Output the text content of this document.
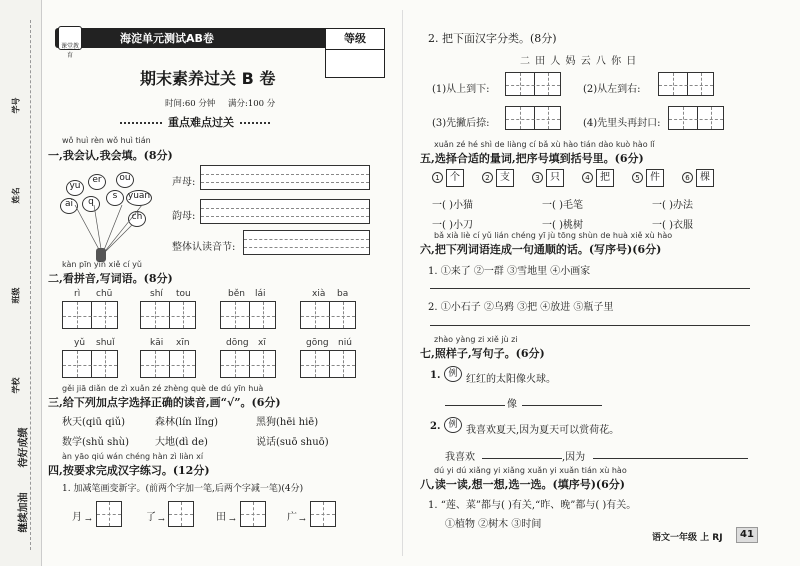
学号
姓名
班级
学校
待好成绩
继续加油
课堂教育
海淀单元测试AB卷	等级
期末素养过关 B 卷
时间:60 分钟 满分:100 分
重点难点过关
wǒ huì rèn wǒ huì tián
一,我会认,我会填。(8分)
yu
er	ou
ai	q
s	yuan
ch
声母:
韵母:
整体认读音节:
kàn pīn yīn xiě cí yǔ
二,看拼音,写词语。(8分)
rì chū	shí tou	běn lái	xià ba
yǔ shuǐ	kāi xīn	dōng xī	gōng niú
gěi jiā diǎn de zì xuǎn zé zhèng què de dú yīn huà
三,给下列加点字选择正确的读音,画“√”。(6分)
秋天(qiū qiǔ)	森林(lín lǐng)	黑狗(hēi hiē)
数学(shǔ shù)	大地(dì de)	说话(suō shuō)
àn yāo qiú wán chéng hàn zì liàn xí
四,按要求完成汉字练习。(12分)
1. 加减笔画变新字。(前两个字加一笔,后两个字减一笔)(4分)
月 →	了 →	田 →	广 →
2. 把下面汉字分类。(8分)
二 田 人 妈 云 八 你 日
(1)从上到下:	(2)从左到右:
(3)先撇后捺:	(4)先里头再封口:
xuǎn zé hé shì de liàng cí bǎ xù hào tián dào kuò hào lǐ
五,选择合适的量词,把序号填到括号里。(6分)
1	个	2	支	3	只	4	把	5	件	6	棵
一( )小猫	一( )毛笔	一( )办法
一( )小刀	一( )桃树	一( )衣服
bǎ xià liè cí yǔ lián chéng yī jù tōng shùn de huà xiě xù hào
六,把下列词语连成一句通顺的话。(写序号)(6分)
1. ①来了 ②一群 ③雪地里 ④小画家
2. ①小石子 ②乌鸦 ③把 ④放进 ⑤瓶子里
zhào yàng zi xiě jù zi
七,照样子,写句子。(6分)
1. 例 红红的太阳像火球。
像
2. 例 我喜欢夏天,因为夏天可以赏荷花。
我喜欢	,因为
dú yi dú xiǎng yi xiǎng xuǎn yi xuǎn tián xù hào
八,读一读,想一想,选一选。(填序号)(6分)
1. “莲、菜”都与( )有关,“昨、晚”都与( )有关。
①植物 ②树木 ③时间
语文一年级 上 RJ	41
